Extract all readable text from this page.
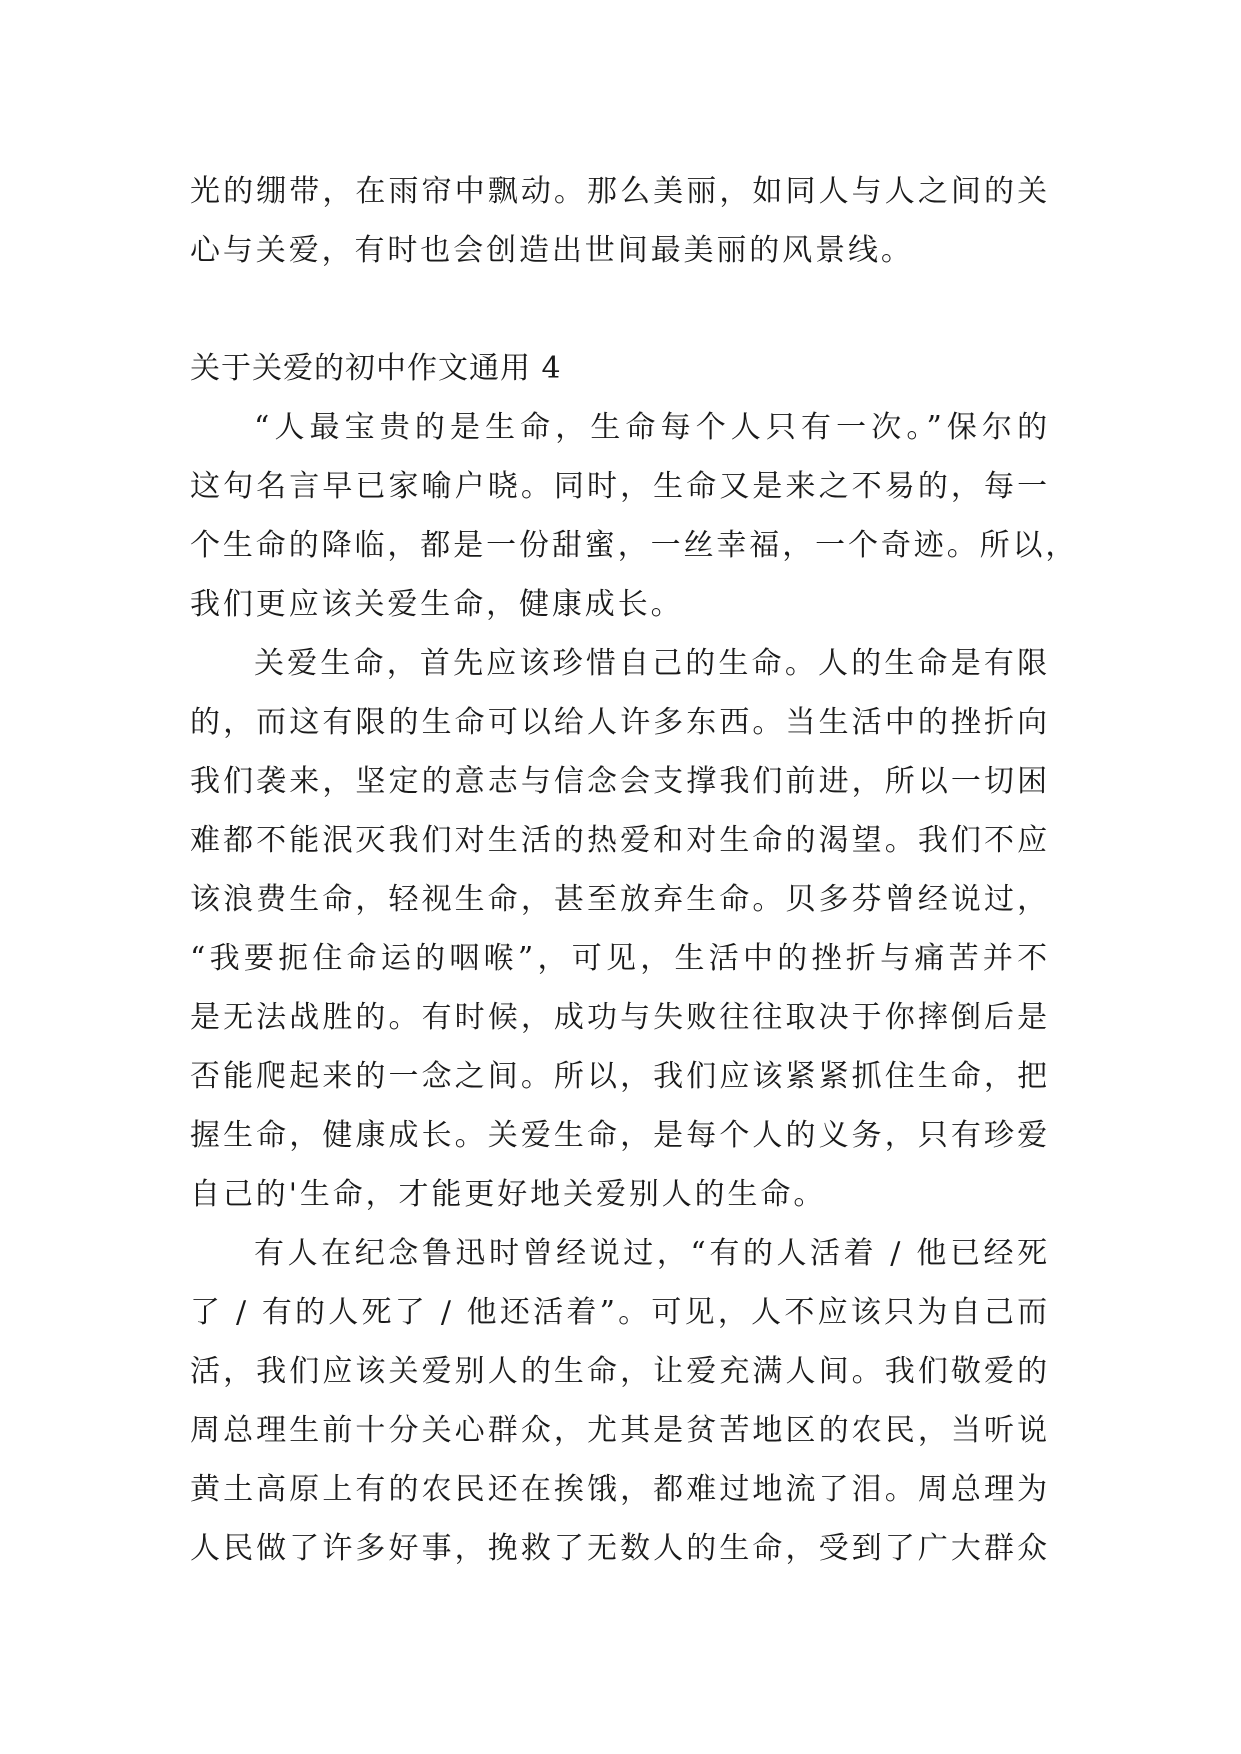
光的绷带，在雨帘中飘动。那么美丽，如同人与人之间的关
心与关爱，有时也会创造出世间最美丽的风景线。
关于关爱的初中作文通用 4
“人最宝贵的是生命，生命每个人只有一次。”保尔的
这句名言早已家喻户晓。同时，生命又是来之不易的，每一
个生命的降临，都是一份甜蜜，一丝幸福，一个奇迹。所以，
我们更应该关爱生命，健康成长。
关爱生命，首先应该珍惜自己的生命。人的生命是有限
的，而这有限的生命可以给人许多东西。当生活中的挫折向
我们袭来，坚定的意志与信念会支撑我们前进，所以一切困
难都不能泯灭我们对生活的热爱和对生命的渴望。我们不应
该浪费生命，轻视生命，甚至放弃生命。贝多芬曾经说过，
“我要扼住命运的咽喉”，可见，生活中的挫折与痛苦并不
是无法战胜的。有时候，成功与失败往往取决于你摔倒后是
否能爬起来的一念之间。所以，我们应该紧紧抓住生命，把
握生命，健康成长。关爱生命，是每个人的义务，只有珍爱
自己的'生命，才能更好地关爱别人的生命。
有人在纪念鲁迅时曾经说过，“有的人活着 / 他已经死
了 / 有的人死了 / 他还活着”。可见，人不应该只为自己而
活，我们应该关爱别人的生命，让爱充满人间。我们敬爱的
周总理生前十分关心群众，尤其是贫苦地区的农民，当听说
黄土高原上有的农民还在挨饿，都难过地流了泪。周总理为
人民做了许多好事，挽救了无数人的生命，受到了广大群众
